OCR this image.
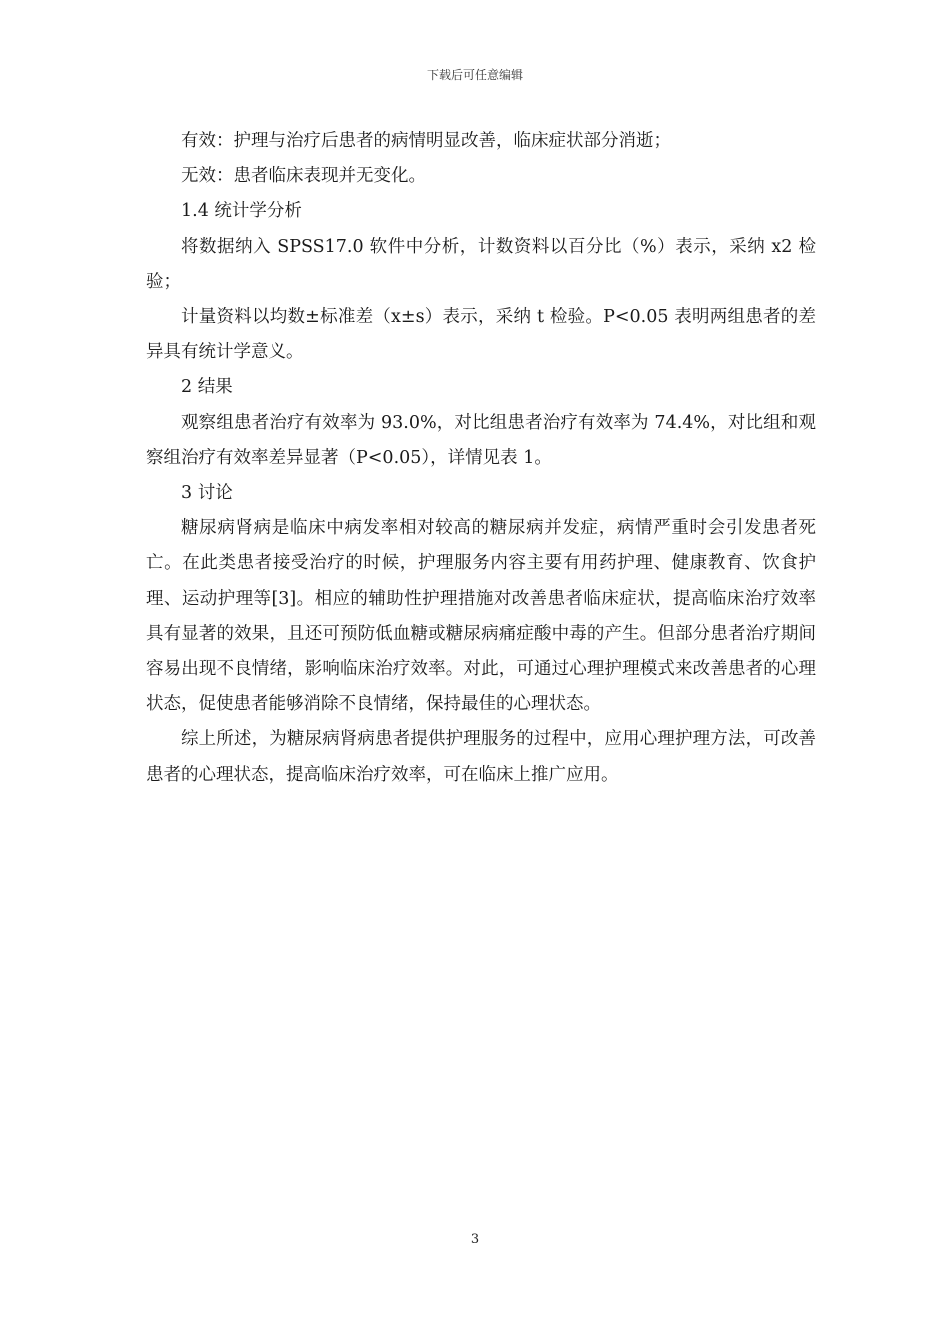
下载后可任意编辑

有效：护理与治疗后患者的病情明显改善，临床症状部分消逝；

无效：患者临床表现并无变化。

1.4 统计学分析

将数据纳入 SPSS17.0 软件中分析，计数资料以百分比（%）表示，采纳 x2 检验；

计量资料以均数±标准差（x±s）表示，采纳 t 检验。P<0.05 表明两组患者的差异具有统计学意义。

2 结果

观察组患者治疗有效率为 93.0%，对比组患者治疗有效率为 74.4%，对比组和观察组治疗有效率差异显著（P<0.05），详情见表 1。

3 讨论

糖尿病肾病是临床中病发率相对较高的糖尿病并发症，病情严重时会引发患者死亡。在此类患者接受治疗的时候，护理服务内容主要有用药护理、健康教育、饮食护理、运动护理等[3]。相应的辅助性护理措施对改善患者临床症状，提高临床治疗效率具有显著的效果，且还可预防低血糖或糖尿病痛症酸中毒的产生。但部分患者治疗期间容易出现不良情绪，影响临床治疗效率。对此，可通过心理护理模式来改善患者的心理状态，促使患者能够消除不良情绪，保持最佳的心理状态。

综上所述，为糖尿病肾病患者提供护理服务的过程中，应用心理护理方法，可改善患者的心理状态，提高临床治疗效率，可在临床上推广应用。

3
